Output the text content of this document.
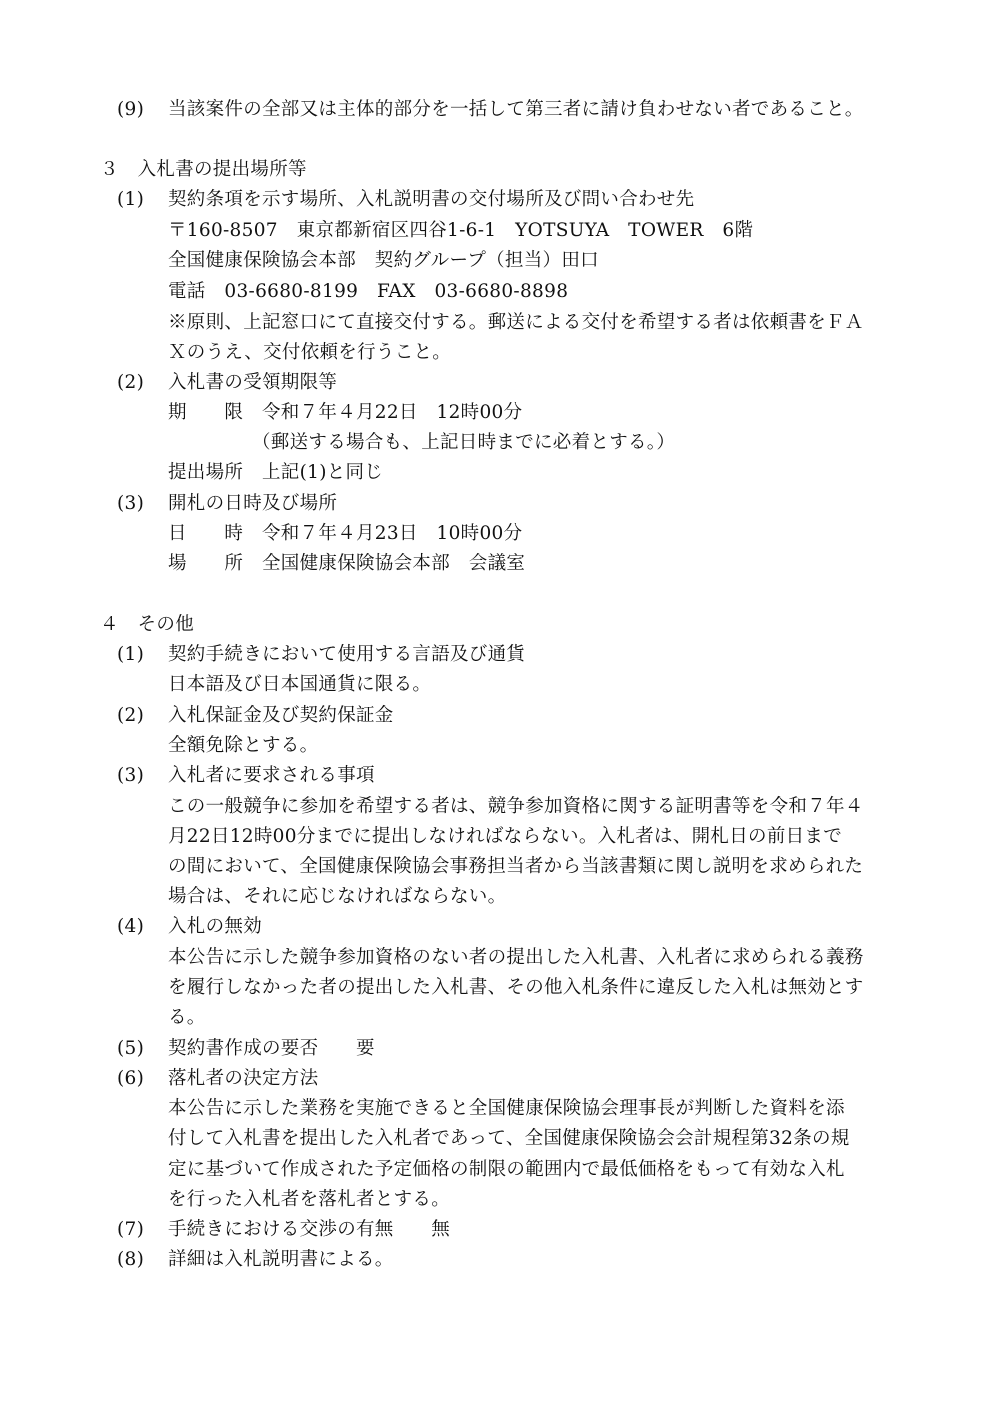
(9) 当該案件の全部又は主体的部分を一括して第三者に請け負わせない者であること。
３　入札書の提出場所等
(1) 契約条項を示す場所、入札説明書の交付場所及び問い合わせ先
〒160-8507　東京都新宿区四谷1-6-1　YOTSUYA　TOWER　6階
全国健康保険協会本部　契約グループ（担当）田口
電話　03-6680-8199　FAX　03-6680-8898
※原則、上記窓口にて直接交付する。郵送による交付を希望する者は依頼書をＦＡ
Ｘのうえ、交付依頼を行うこと。
(2) 入札書の受領期限等
期　　限　令和７年４月22日　12時00分
（郵送する場合も、上記日時までに必着とする。）
提出場所　上記(1)と同じ
(3) 開札の日時及び場所
日　　時　令和７年４月23日　10時00分
場　　所　全国健康保険協会本部　会議室
４　その他
(1) 契約手続きにおいて使用する言語及び通貨
日本語及び日本国通貨に限る。
(2) 入札保証金及び契約保証金
全額免除とする。
(3) 入札者に要求される事項
この一般競争に参加を希望する者は、競争参加資格に関する証明書等を令和７年４
月22日12時00分までに提出しなければならない。入札者は、開札日の前日まで
の間において、全国健康保険協会事務担当者から当該書類に関し説明を求められた
場合は、それに応じなければならない。
(4) 入札の無効
本公告に示した競争参加資格のない者の提出した入札書、入札者に求められる義務
を履行しなかった者の提出した入札書、その他入札条件に違反した入札は無効とす
る。
(5) 契約書作成の要否　　要
(6) 落札者の決定方法
本公告に示した業務を実施できると全国健康保険協会理事長が判断した資料を添
付して入札書を提出した入札者であって、全国健康保険協会会計規程第32条の規
定に基づいて作成された予定価格の制限の範囲内で最低価格をもって有効な入札
を行った入札者を落札者とする。
(7) 手続きにおける交渉の有無　　無
(8) 詳細は入札説明書による。
